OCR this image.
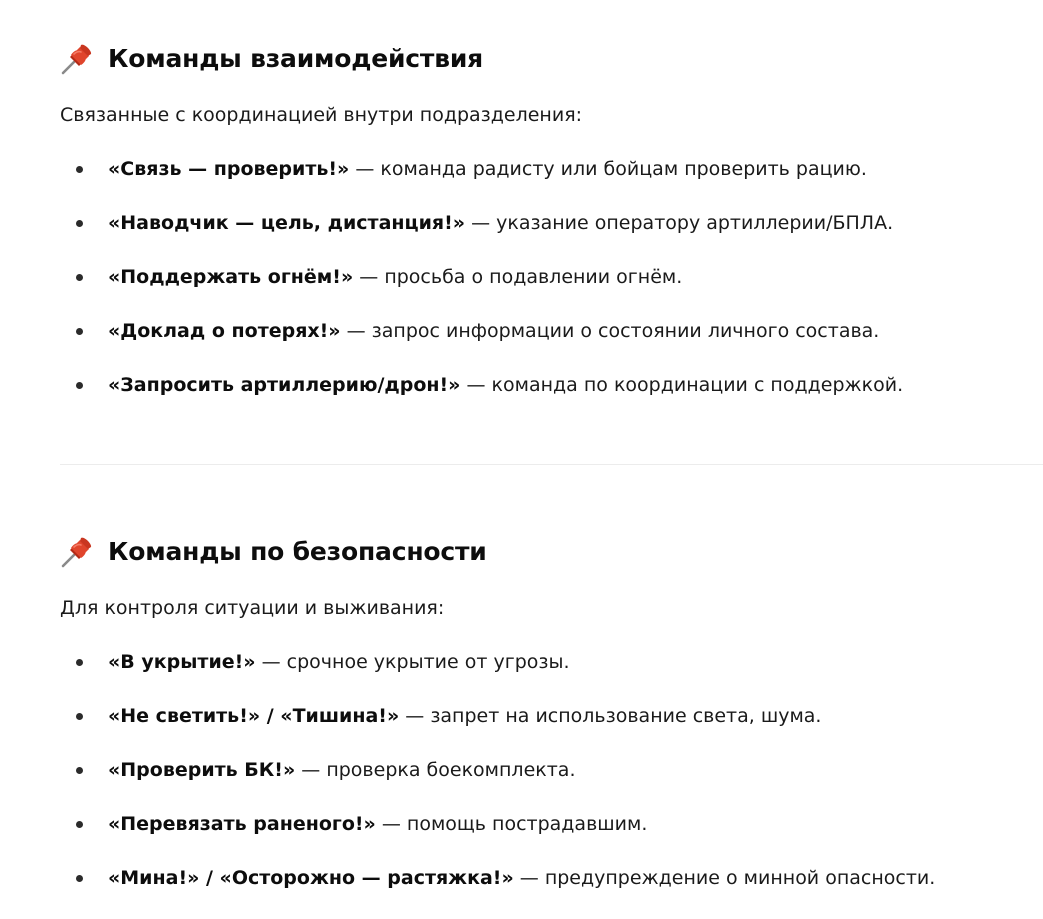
Команды взаимодействия

Связанные с координацией внутри подразделения:

«Связь — проверить!» — команда радисту или бойцам проверить рацию.
«Наводчик — цель, дистанция!» — указание оператору артиллерии/БПЛА.
«Поддержать огнём!» — просьба о подавлении огнём.
«Доклад о потерях!» — запрос информации о состоянии личного состава.
«Запросить артиллерию/дрон!» — команда по координации с поддержкой.
Команды по безопасности

Для контроля ситуации и выживания:

«В укрытие!» — срочное укрытие от угрозы.
«Не светить!» / «Тишина!» — запрет на использование света, шума.
«Проверить БК!» — проверка боекомплекта.
«Перевязать раненого!» — помощь пострадавшим.
«Мина!» / «Осторожно — растяжка!» — предупреждение о минной опасности.
